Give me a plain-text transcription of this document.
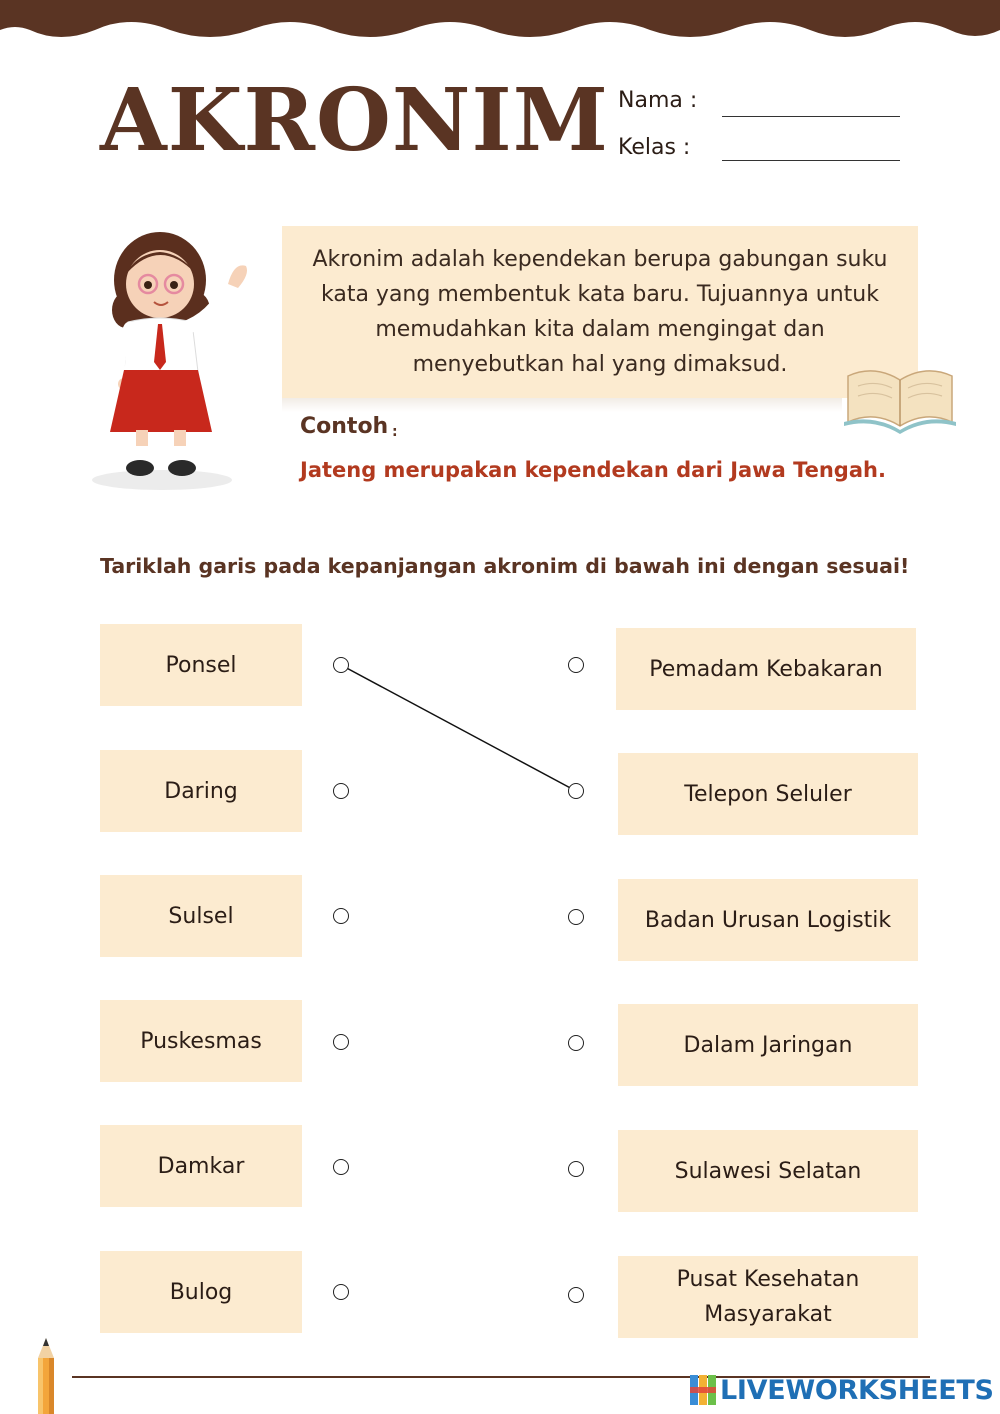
AKRONIM Nama :
Kelas :
Akronim adalah kependekan berupa gabungan suku kata yang membentuk kata baru. Tujuannya untuk memudahkan kita dalam mengingat dan menyebutkan hal yang dimaksud.
Contoh :
Jateng merupakan kependekan dari Jawa Tengah.
Tariklah garis pada kepanjangan akronim di bawah ini dengan sesuai!
Ponsel
Daring
Sulsel
Puskesmas
Damkar
Bulog
Pemadam Kebakaran
Telepon Seluler
Badan Urusan Logistik
Dalam Jaringan
Sulawesi Selatan
Pusat Kesehatan Masyarakat
LIVEWORKSHEETS
